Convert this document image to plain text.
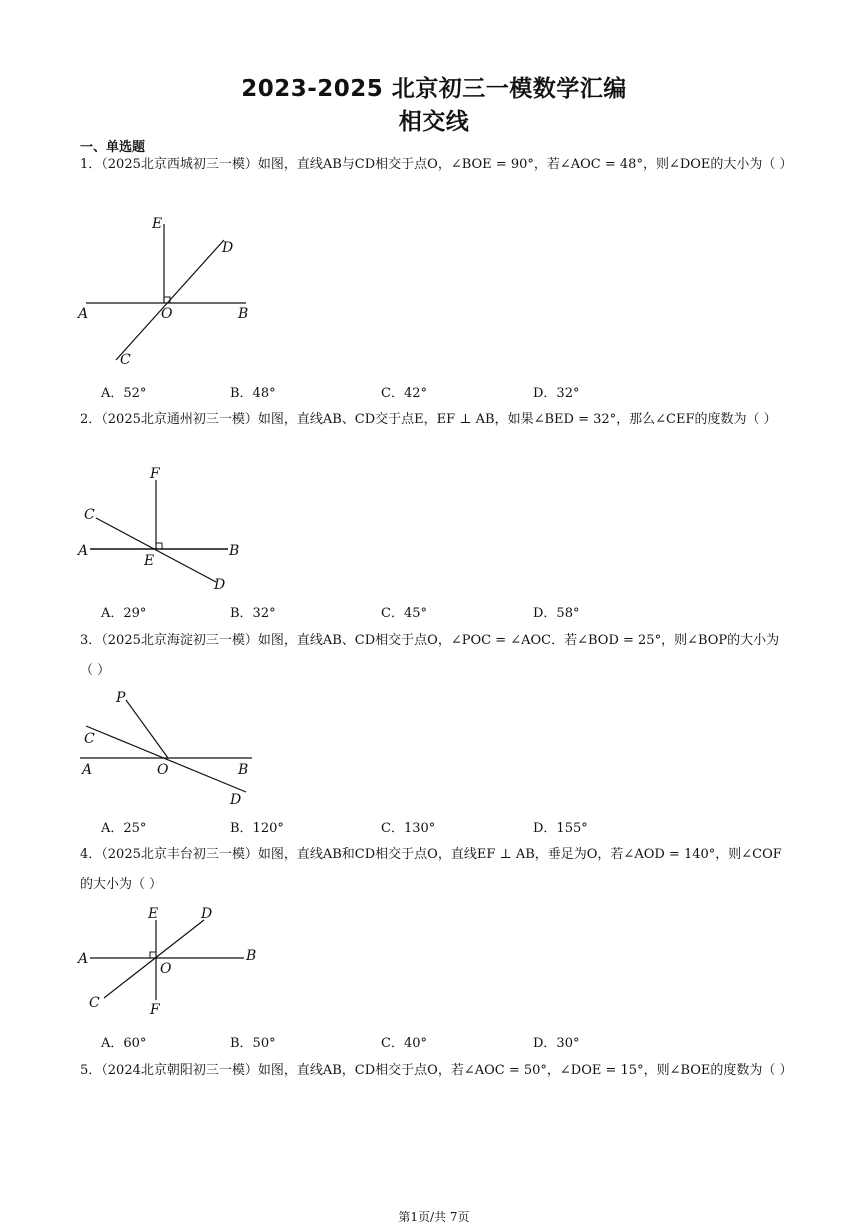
2023-2025 北京初三一模数学汇编
相交线
一、单选题
1．（2025北京西城初三一模）如图，直线AB与CD相交于点O，∠BOE = 90°，若∠AOC = 48°，则∠DOE的大小为（ ）
E
D
A	O	B
C
A．52°	B．48°	C．42°	D．32°
2．（2025北京通州初三一模）如图，直线AB、CD交于点E，EF ⊥ AB，如果∠BED = 32°，那么∠CEF的度数为（ ）
F
C
A
E
B
D
A．29°	B．32°	C．45°	D．58°
3．（2025北京海淀初三一模）如图，直线AB、CD相交于点O，∠POC = ∠AOC．若∠BOD = 25°，则∠BOP的大小为（ ）
P
C
A	O	B
D
A．25°	B．120°	C．130°	D．155°
4．（2025北京丰台初三一模）如图，直线AB和CD相交于点O，直线EF ⊥ AB，垂足为O，若∠AOD = 140°，则∠COF的大小为（ ）
E	D
A
O
B
C	F
A．60°	B．50°	C．40°	D．30°
5．（2024北京朝阳初三一模）如图，直线AB，CD相交于点O，若∠AOC = 50°，∠DOE = 15°，则∠BOE的度数为（ ）
第1页/共 7页
